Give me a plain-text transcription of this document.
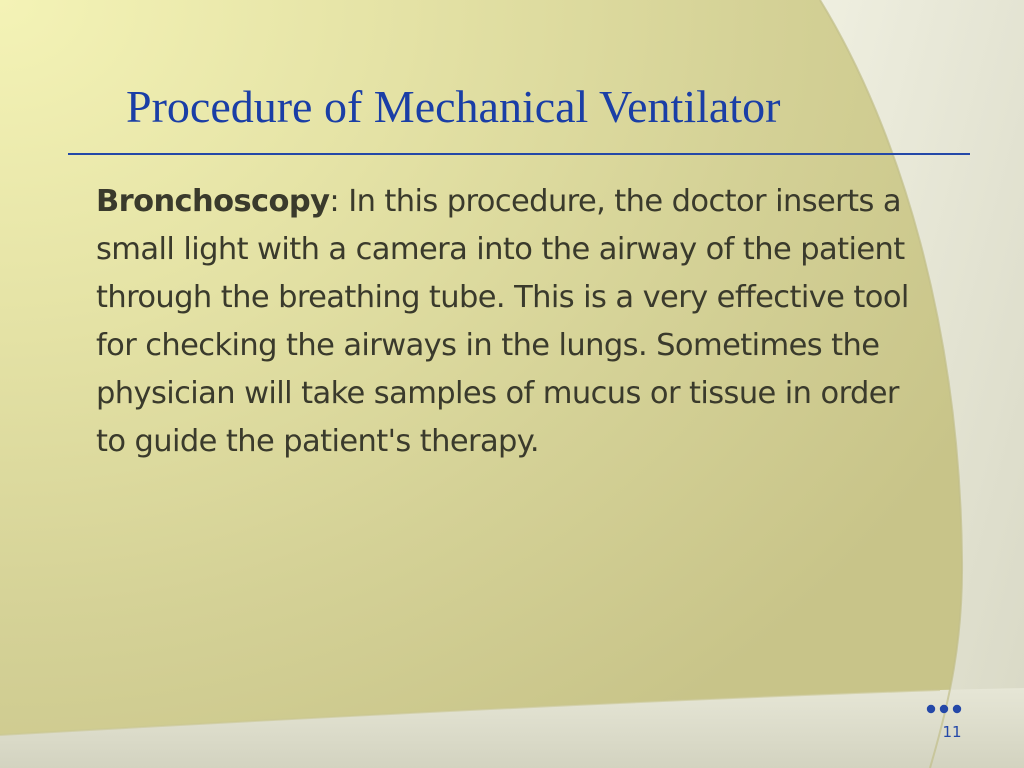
Procedure of Mechanical Ventilator

Bronchoscopy: In this procedure, the doctor inserts a small light with a camera into the airway of the patient through the breathing tube. This is a very effective tool for checking the airways in the lungs. Sometimes the physician will take samples of mucus or tissue in order to guide the patient's therapy.

11
